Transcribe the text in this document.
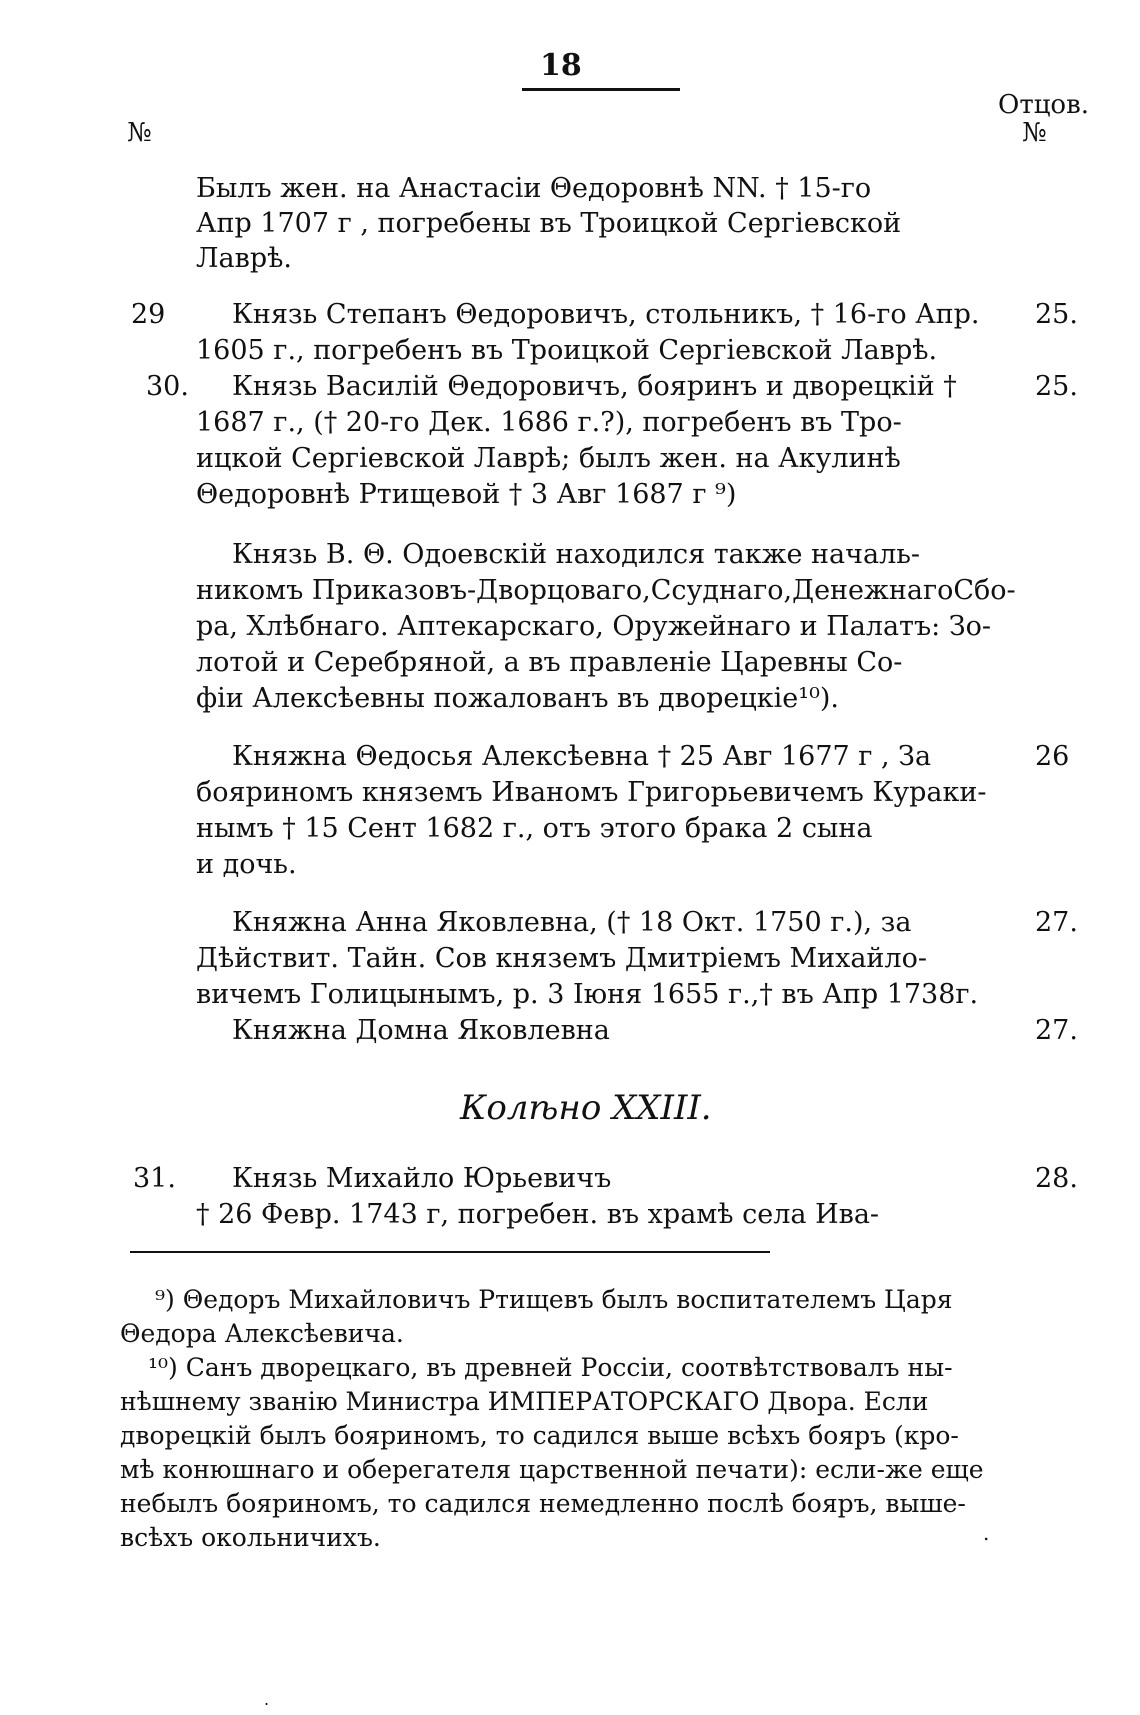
18
№
Отцов.
№
Былъ жен. на Анастасіи Θедоровнѣ NN. † 15-го
Апр 1707 г , погребены въ Троицкой Сергіевской
Лаврѣ.
29 Князь Степанъ Θедоровичъ, стольникъ, † 16-го Апр.	25.
1605 г., погребенъ въ Троицкой Сергіевской Лаврѣ.
30. Князь Василій Θедоровичъ, бояринъ и дворецкій †	25.
1687 г., († 20-го Дек. 1686 г.?), погребенъ въ Тро-
ицкой Сергіевской Лаврѣ; былъ жен. на Акулинѣ
Θедоровнѣ Ртищевой † 3 Авг 1687 г ⁹)
Князь В. Θ. Одоевскій находился также началь-
никомъ Приказовъ-Дворцоваго,Ссуднаго,ДенежнагоСбо-
ра, Хлѣбнаго. Аптекарскаго, Оружейнаго и Палатъ: Зо-
лотой и Серебряной, а въ правленіе Царевны Со-
фіи Алексѣевны пожалованъ въ дворецкіе¹⁰).
Княжна Θедосья Алексѣевна † 25 Авг 1677 г , За	26
бояриномъ княземъ Иваномъ Григорьевичемъ Кураки-
нымъ † 15 Сент 1682 г., отъ этого брака 2 сына
и дочь.
Княжна Анна Яковлевна, († 18 Окт. 1750 г.), за	27.
Дѣйствит. Тайн. Сов княземъ Дмитріемъ Михайло-
вичемъ Голицынымъ, р. 3 Іюня 1655 г.,† въ Апр 1738г.
Княжна Домна Яковлевна	27.
Колѣно XXIII.
31. Князь Михайло Юрьевичъ	28.
† 26 Февр. 1743 г, погребен. въ храмѣ села Ива-
⁹) Θедоръ Михайловичъ Ртищевъ былъ воспитателемъ Царя
Θедора Алексѣевича.
¹⁰) Санъ дворецкаго, въ древней Россіи, соотвѣтствовалъ ны-
нѣшнему званію Министра ИМПЕРАТОРСКАГО Двора. Если
дворецкій былъ бояриномъ, то садился выше всѣхъ бояръ (кро-
мѣ конюшнаго и оберегателя царственной печати): если-же еще
небылъ бояриномъ, то садился немедленно послѣ бояръ, выше-
всѣхъ окольничихъ.	.
.
